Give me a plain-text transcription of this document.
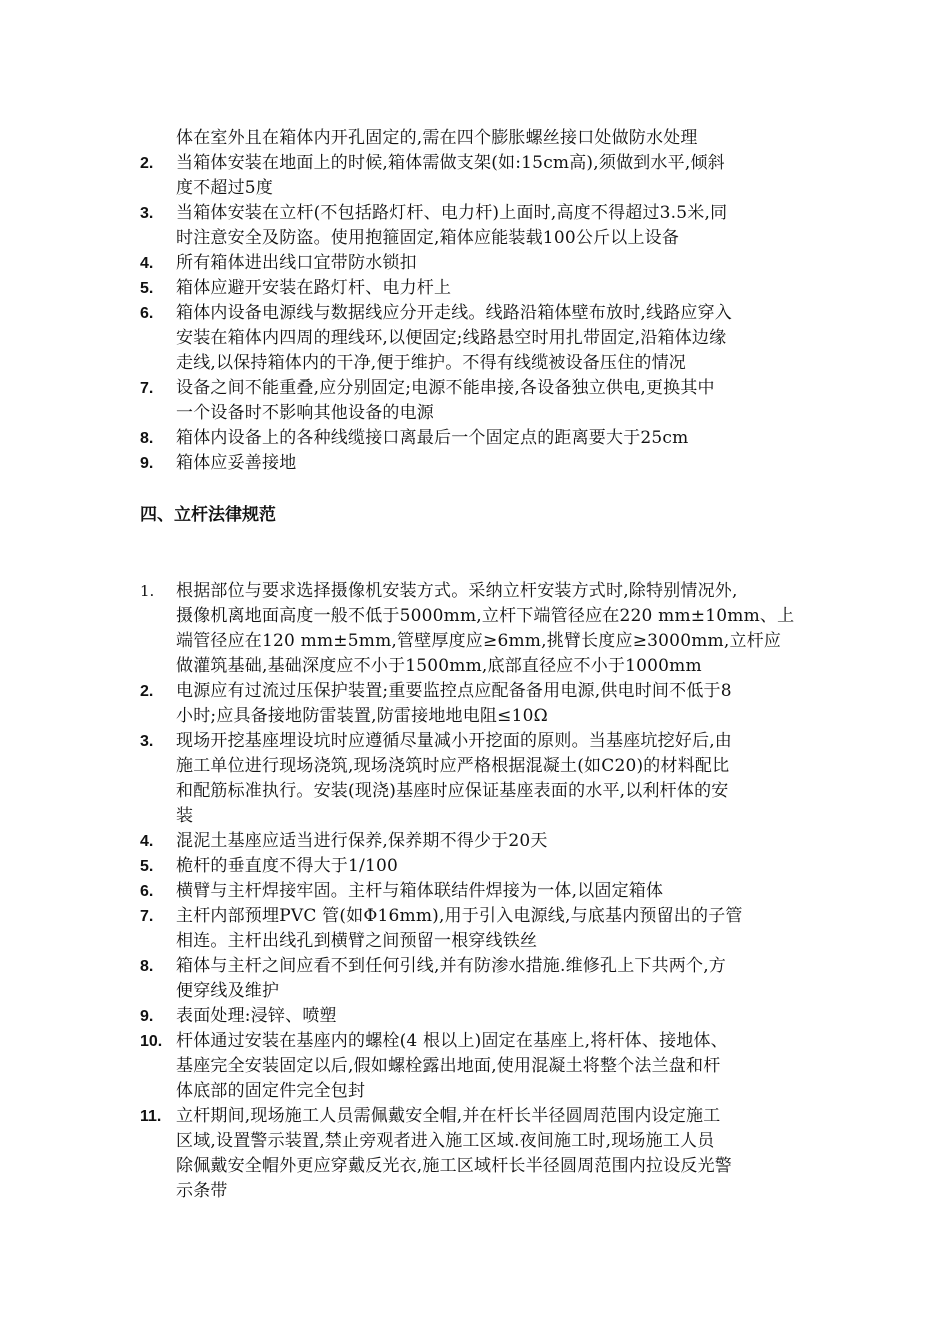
体在室外且在箱体内开孔固定的,需在四个膨胀螺丝接口处做防水处理
2.	当箱体安装在地面上的时候,箱体需做支架(如:15cm高),须做到水平,倾斜
度不超过5度
3.	当箱体安装在立杆(不包括路灯杆、电力杆)上面时,高度不得超过3.5米,同
时注意安全及防盗。使用抱箍固定,箱体应能装载100公斤以上设备
4.	所有箱体进出线口宜带防水锁扣
5.	箱体应避开安装在路灯杆、电力杆上
6.	箱体内设备电源线与数据线应分开走线。线路沿箱体壁布放时,线路应穿入
安装在箱体内四周的理线环,以便固定;线路悬空时用扎带固定,沿箱体边缘
走线,以保持箱体内的干净,便于维护。不得有线缆被设备压住的情况
7.	设备之间不能重叠,应分别固定;电源不能串接,各设备独立供电,更换其中
一个设备时不影响其他设备的电源
8.	箱体内设备上的各种线缆接口离最后一个固定点的距离要大于25cm
9.	箱体应妥善接地
四、立杆法律规范
1.	根据部位与要求选择摄像机安装方式。采纳立杆安装方式时,除特别情况外,
摄像机离地面高度一般不低于5000mm,立杆下端管径应在220 mm±10mm、上
端管径应在120 mm±5mm,管壁厚度应≥6mm,挑臂长度应≥3000mm,立杆应
做灌筑基础,基础深度应不小于1500mm,底部直径应不小于1000mm
2.	电源应有过流过压保护装置;重要监控点应配备备用电源,供电时间不低于8
小时;应具备接地防雷装置,防雷接地地电阻≤10Ω
3.	现场开挖基座埋设坑时应遵循尽量减小开挖面的原则。当基座坑挖好后,由
施工单位进行现场浇筑,现场浇筑时应严格根据混凝土(如C20)的材料配比
和配筋标准执行。安装(现浇)基座时应保证基座表面的水平,以利杆体的安
装
4.	混泥土基座应适当进行保养,保养期不得少于20天
5.	桅杆的垂直度不得大于1/100
6.	横臂与主杆焊接牢固。主杆与箱体联结件焊接为一体,以固定箱体
7.	主杆内部预埋PVC 管(如Φ16mm),用于引入电源线,与底基内预留出的子管
相连。主杆出线孔到横臂之间预留一根穿线铁丝
8.	箱体与主杆之间应看不到任何引线,并有防渗水措施.维修孔上下共两个,方
便穿线及维护
9.	表面处理:浸锌、喷塑
10. 杆体通过安装在基座内的螺栓(4 根以上)固定在基座上,将杆体、接地体、
基座完全安装固定以后,假如螺栓露出地面,使用混凝土将整个法兰盘和杆
体底部的固定件完全包封
11. 立杆期间,现场施工人员需佩戴安全帽,并在杆长半径圆周范围内设定施工
区域,设置警示装置,禁止旁观者进入施工区域.夜间施工时,现场施工人员
除佩戴安全帽外更应穿戴反光衣,施工区域杆长半径圆周范围内拉设反光警
示条带
